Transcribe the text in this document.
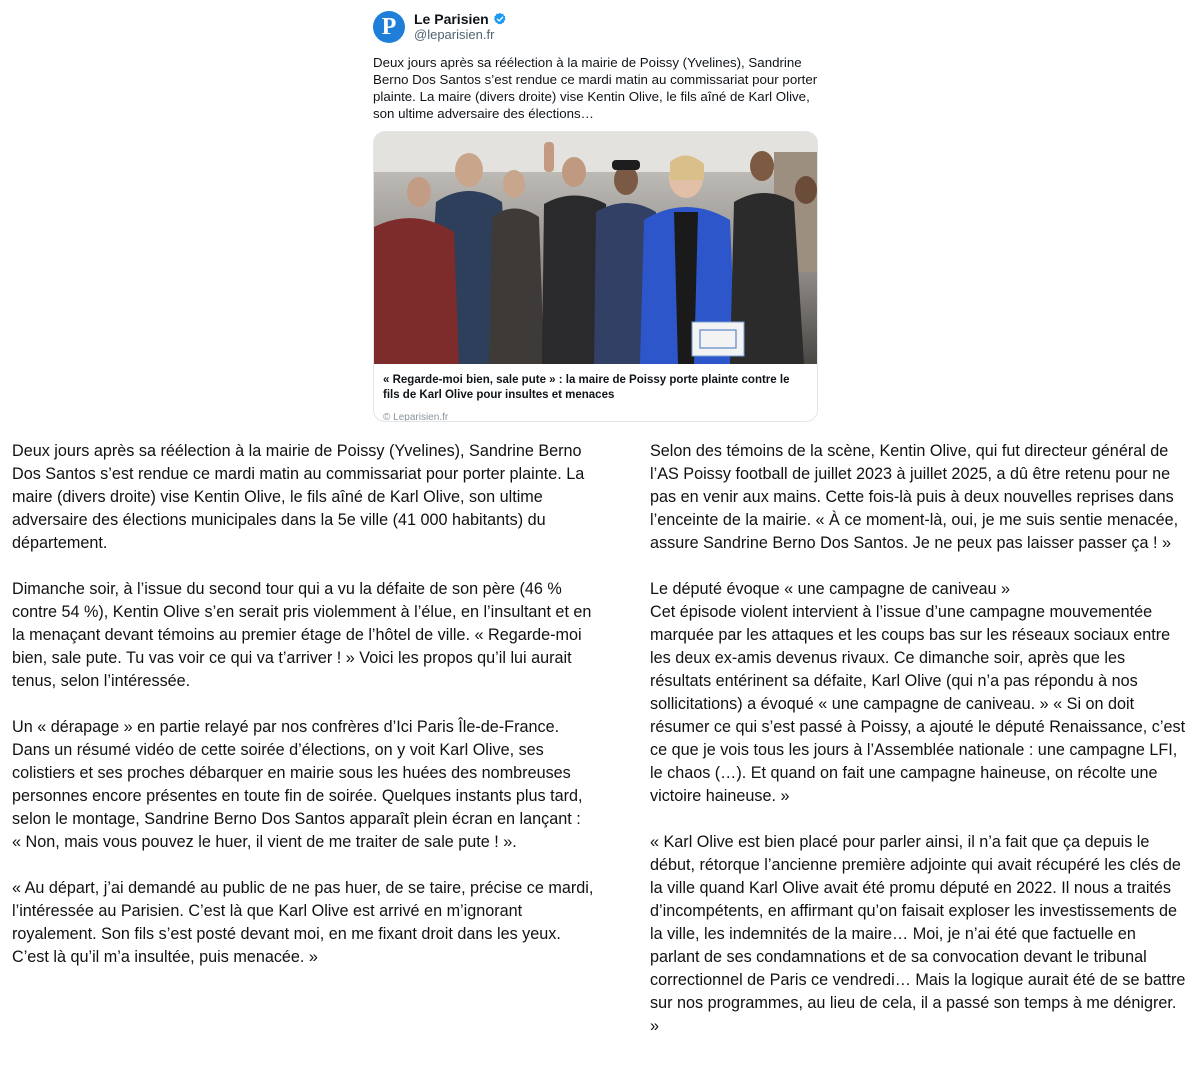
P	Le Parisien
@leparisien.fr
Deux jours après sa réélection à la mairie de Poissy (Yvelines), Sandrine Berno Dos Santos s’est rendue ce mardi matin au commissariat pour porter plainte. La maire (divers droite) vise Kentin Olive, le fils aîné de Karl Olive, son ultime adversaire des élections…
« Regarde-moi bien, sale pute » : la maire de Poissy porte plainte contre le fils de Karl Olive pour insultes et menaces
© Leparisien.fr

Deux jours après sa réélection à la mairie de Poissy (Yvelines), Sandrine Berno Dos Santos s’est rendue ce mardi matin au commissariat pour porter plainte. La maire (divers droite) vise Kentin Olive, le fils aîné de Karl Olive, son ultime adversaire des élections municipales dans la 5e ville (41 000 habitants) du département.

Dimanche soir, à l’issue du second tour qui a vu la défaite de son père (46 % contre 54 %), Kentin Olive s’en serait pris violemment à l’élue, en l’insultant et en la menaçant devant témoins au premier étage de l’hôtel de ville. « Regarde-moi bien, sale pute. Tu vas voir ce qui va t’arriver ! » Voici les propos qu’il lui aurait tenus, selon l’intéressée.

Un « dérapage » en partie relayé par nos confrères d’Ici Paris Île-de-France. Dans un résumé vidéo de cette soirée d’élections, on y voit Karl Olive, ses colistiers et ses proches débarquer en mairie sous les huées des nombreuses personnes encore présentes en toute fin de soirée. Quelques instants plus tard, selon le montage, Sandrine Berno Dos Santos apparaît plein écran en lançant : « Non, mais vous pouvez le huer, il vient de me traiter de sale pute ! ».

« Au départ, j’ai demandé au public de ne pas huer, de se taire, précise ce mardi, l’intéressée au Parisien. C’est là que Karl Olive est arrivé en m’ignorant royalement. Son fils s’est posté devant moi, en me fixant droit dans les yeux. C’est là qu’il m’a insultée, puis menacée. »

Selon des témoins de la scène, Kentin Olive, qui fut directeur général de l’AS Poissy football de juillet 2023 à juillet 2025, a dû être retenu pour ne pas en venir aux mains. Cette fois-là puis à deux nouvelles reprises dans l’enceinte de la mairie. « À ce moment-là, oui, je me suis sentie menacée, assure Sandrine Berno Dos Santos. Je ne peux pas laisser passer ça ! »

Le député évoque « une campagne de caniveau »

Cet épisode violent intervient à l’issue d’une campagne mouvementée marquée par les attaques et les coups bas sur les réseaux sociaux entre les deux ex-amis devenus rivaux. Ce dimanche soir, après que les résultats entérinent sa défaite, Karl Olive (qui n’a pas répondu à nos sollicitations) a évoqué « une campagne de caniveau. » « Si on doit résumer ce qui s’est passé à Poissy, a ajouté le député Renaissance, c’est ce que je vois tous les jours à l’Assemblée nationale : une campagne LFI, le chaos (…). Et quand on fait une campagne haineuse, on récolte une victoire haineuse. »

« Karl Olive est bien placé pour parler ainsi, il n’a fait que ça depuis le début, rétorque l’ancienne première adjointe qui avait récupéré les clés de la ville quand Karl Olive avait été promu député en 2022. Il nous a traités d’incompétents, en affirmant qu’on faisait exploser les investissements de la ville, les indemnités de la maire… Moi, je n’ai été que factuelle en parlant de ses condamnations et de sa convocation devant le tribunal correctionnel de Paris ce vendredi… Mais la logique aurait été de se battre sur nos programmes, au lieu de cela, il a passé son temps à me dénigrer. »
